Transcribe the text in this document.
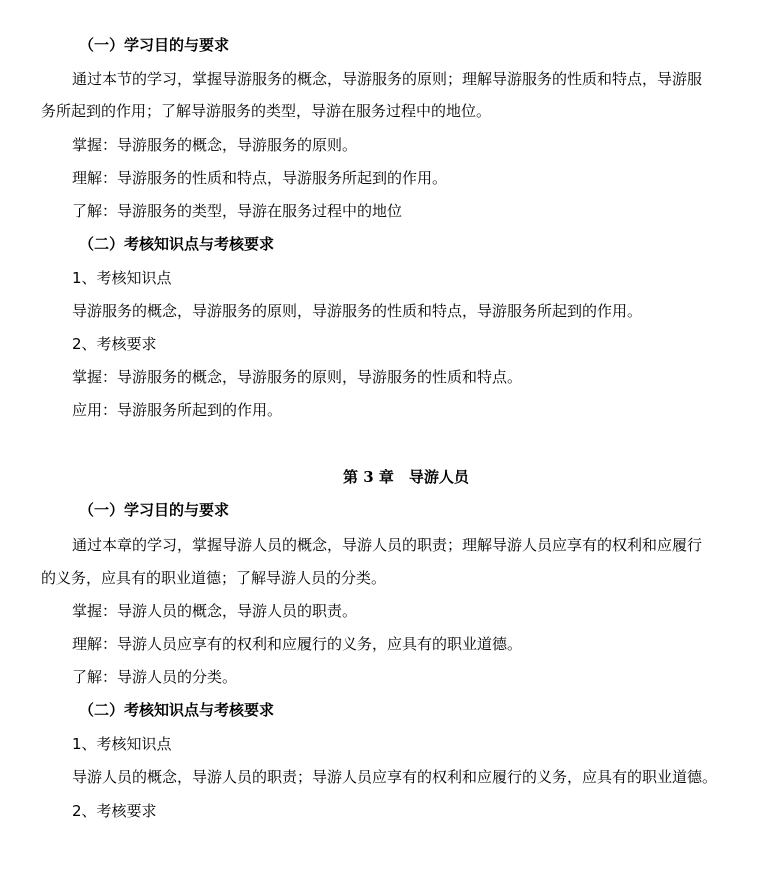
（一）学习目的与要求
通过本节的学习，掌握导游服务的概念，导游服务的原则；理解导游服务的性质和特点，导游服
务所起到的作用；了解导游服务的类型，导游在服务过程中的地位。
掌握：导游服务的概念，导游服务的原则。
理解：导游服务的性质和特点，导游服务所起到的作用。
了解：导游服务的类型，导游在服务过程中的地位
（二）考核知识点与考核要求
1、考核知识点
导游服务的概念，导游服务的原则，导游服务的性质和特点，导游服务所起到的作用。
2、考核要求
掌握：导游服务的概念，导游服务的原则，导游服务的性质和特点。
应用：导游服务所起到的作用。
第 3 章　导游人员
（一）学习目的与要求
通过本章的学习，掌握导游人员的概念，导游人员的职责；理解导游人员应享有的权利和应履行
的义务，应具有的职业道德；了解导游人员的分类。
掌握：导游人员的概念，导游人员的职责。
理解：导游人员应享有的权利和应履行的义务，应具有的职业道德。
了解：导游人员的分类。
（二）考核知识点与考核要求
1、考核知识点
导游人员的概念，导游人员的职责；导游人员应享有的权利和应履行的义务，应具有的职业道德。
2、考核要求
